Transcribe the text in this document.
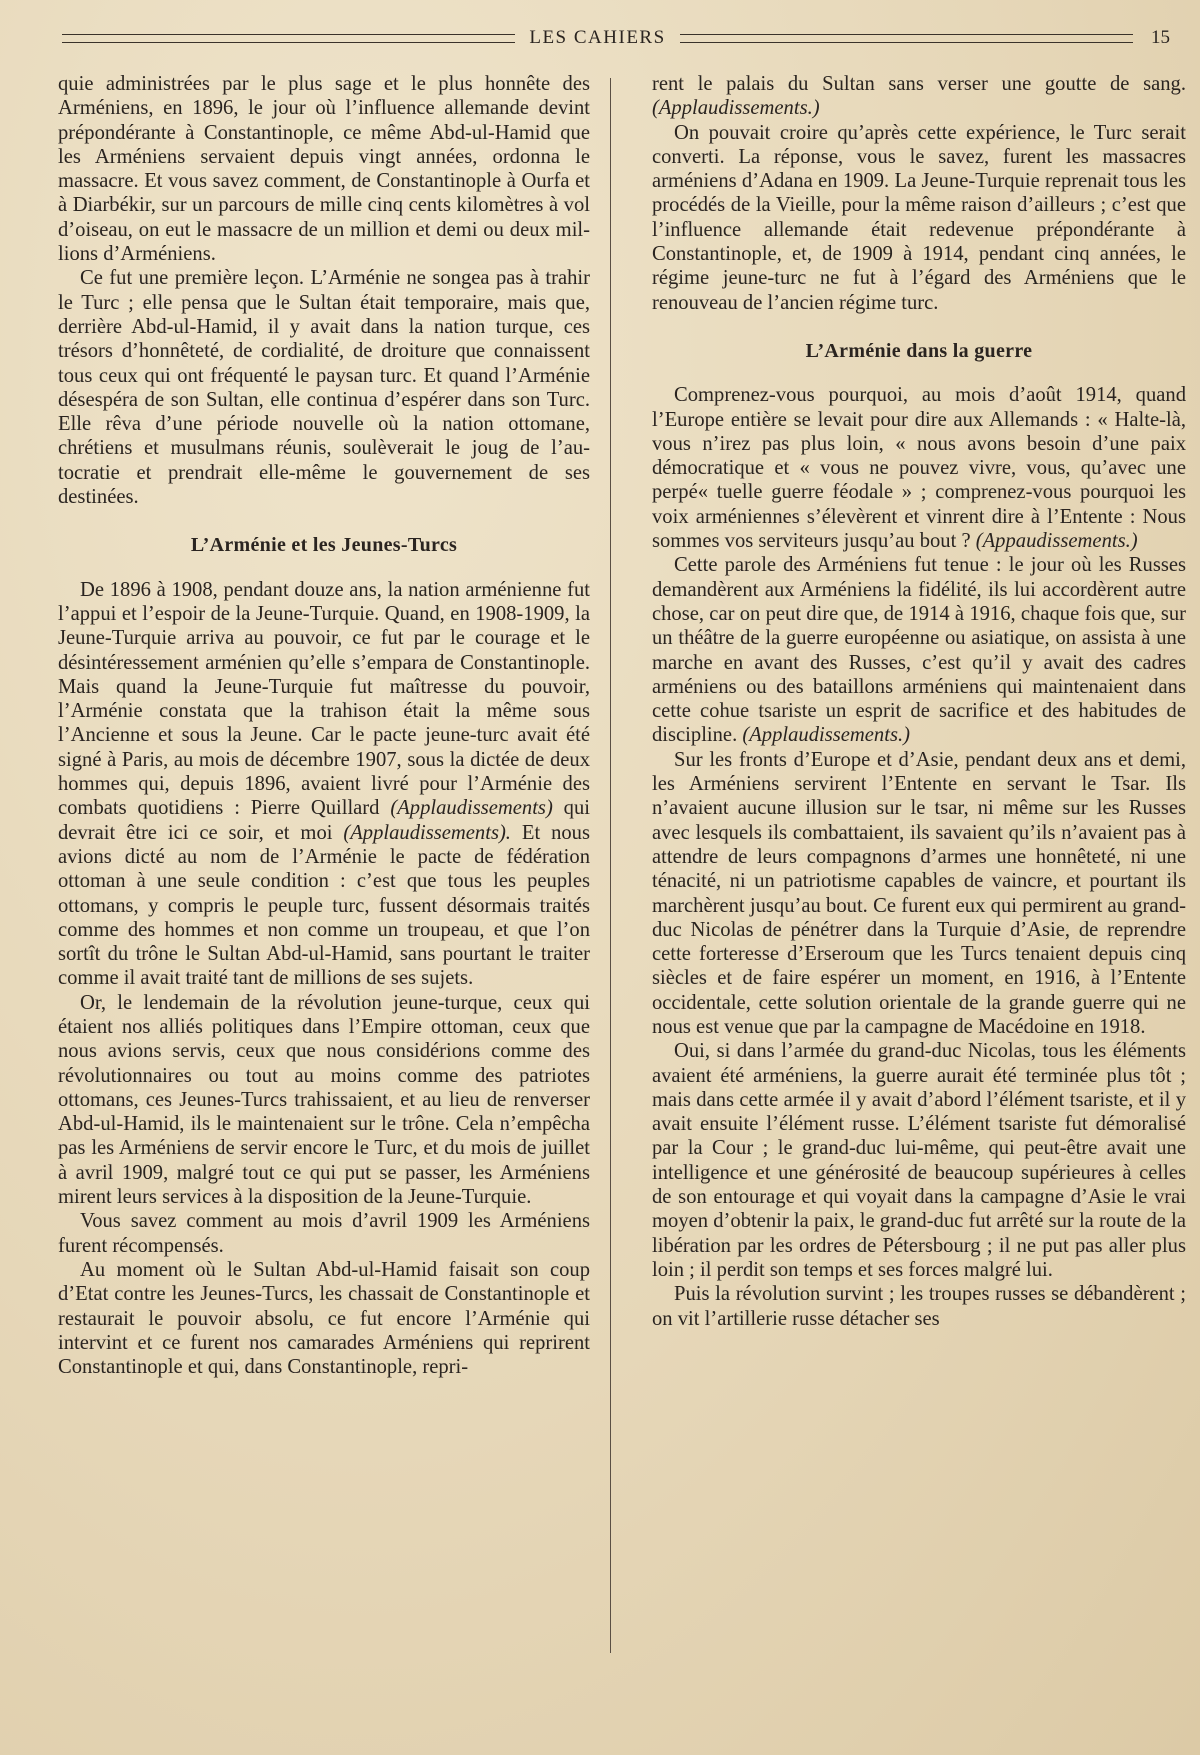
LES CAHIERS	15

quie administrées par le plus sage et le plus honnête des Arméniens, en 1896, le jour où l’influence allemande devint prépondérante à Constantinople, ce même Abd-ul-Hamid que les Arméniens servaient depuis vingt années, ordonna le massacre. Et vous savez comment, de Constantinople à Ourfa et à Diarbékir, sur un parcours de mille cinq cents kilomètres à vol d’oiseau, on eut le massacre de un million et demi ou deux millions d’Arméniens.

Ce fut une première leçon. L’Arménie ne songea pas à trahir le Turc ; elle pensa que le Sultan était temporaire, mais que, derrière Abd-ul-Hamid, il y avait dans la nation turque, ces trésors d’honnêteté, de cordialité, de droiture que connaissent tous ceux qui ont fréquenté le paysan turc. Et quand l’Arménie désespéra de son Sultan, elle continua d’espérer dans son Turc. Elle rêva d’une période nouvelle où la nation ottomane, chrétiens et musulmans réunis, soulèverait le joug de l’autocratie et prendrait elle-même le gouvernement de ses destinées.

L’Arménie et les Jeunes-Turcs

De 1896 à 1908, pendant douze ans, la nation arménienne fut l’appui et l’espoir de la Jeune-Turquie. Quand, en 1908-1909, la Jeune-Turquie arriva au pouvoir, ce fut par le courage et le désintéressement arménien qu’elle s’empara de Constantinople. Mais quand la Jeune-Turquie fut maîtresse du pouvoir, l’Arménie constata que la trahison était la même sous l’Ancienne et sous la Jeune. Car le pacte jeune-turc avait été signé à Paris, au mois de décembre 1907, sous la dictée de deux hommes qui, depuis 1896, avaient livré pour l’Arménie des combats quotidiens : Pierre Quillard (Applaudissements) qui devrait être ici ce soir, et moi (Applaudissements). Et nous avions dicté au nom de l’Arménie le pacte de fédération ottoman à une seule condition : c’est que tous les peuples ottomans, y compris le peuple turc, fussent désormais traités comme des hommes et non comme un troupeau, et que l’on sortît du trône le Sultan Abd-ul-Hamid, sans pourtant le traiter comme il avait traité tant de millions de ses sujets.

Or, le lendemain de la révolution jeune-turque, ceux qui étaient nos alliés politiques dans l’Empire ottoman, ceux que nous avions servis, ceux que nous considérions comme des révolutionnaires ou tout au moins comme des patriotes ottomans, ces Jeunes-Turcs trahissaient, et au lieu de renverser Abd-ul-Hamid, ils le maintenaient sur le trône. Cela n’empêcha pas les Arméniens de servir encore le Turc, et du mois de juillet à avril 1909, malgré tout ce qui put se passer, les Arméniens mirent leurs services à la disposition de la Jeune-Turquie.

Vous savez comment au mois d’avril 1909 les Arméniens furent récompensés.

Au moment où le Sultan Abd-ul-Hamid faisait son coup d’Etat contre les Jeunes-Turcs, les chassait de Constantinople et restaurait le pouvoir absolu, ce fut encore l’Arménie qui intervint et ce furent nos camarades Arméniens qui reprirent Constantinople et qui, dans Constantinople, repri-

rent le palais du Sultan sans verser une goutte de sang. (Applaudissements.)

On pouvait croire qu’après cette expérience, le Turc serait converti. La réponse, vous le savez, furent les massacres arméniens d’Adana en 1909. La Jeune-Turquie reprenait tous les procédés de la Vieille, pour la même raison d’ailleurs ; c’est que l’influence allemande était redevenue prépondérante à Constantinople, et, de 1909 à 1914, pendant cinq années, le régime jeune-turc ne fut à l’égard des Arméniens que le renouveau de l’ancien régime turc.

L’Arménie dans la guerre

Comprenez-vous pourquoi, au mois d’août 1914, quand l’Europe entière se levait pour dire aux Allemands : « Halte-là, vous n’irez pas plus loin, « nous avons besoin d’une paix démocratique et « vous ne pouvez vivre, vous, qu’avec une perpé« tuelle guerre féodale » ; comprenez-vous pourquoi les voix arméniennes s’élevèrent et vinrent dire à l’Entente : Nous sommes vos serviteurs jusqu’au bout ? (Appaudissements.)

Cette parole des Arméniens fut tenue : le jour où les Russes demandèrent aux Arméniens la fidélité, ils lui accordèrent autre chose, car on peut dire que, de 1914 à 1916, chaque fois que, sur un théâtre de la guerre européenne ou asiatique, on assista à une marche en avant des Russes, c’est qu’il y avait des cadres arméniens ou des bataillons arméniens qui maintenaient dans cette cohue tsariste un esprit de sacrifice et des habitudes de discipline. (Applaudissements.)

Sur les fronts d’Europe et d’Asie, pendant deux ans et demi, les Arméniens servirent l’Entente en servant le Tsar. Ils n’avaient aucune illusion sur le tsar, ni même sur les Russes avec lesquels ils combattaient, ils savaient qu’ils n’avaient pas à attendre de leurs compagnons d’armes une honnêteté, ni une ténacité, ni un patriotisme capables de vaincre, et pourtant ils marchèrent jusqu’au bout. Ce furent eux qui permirent au grand-duc Nicolas de pénétrer dans la Turquie d’Asie, de reprendre cette forteresse d’Erseroum que les Turcs tenaient depuis cinq siècles et de faire espérer un moment, en 1916, à l’Entente occidentale, cette solution orientale de la grande guerre qui ne nous est venue que par la campagne de Macédoine en 1918.

Oui, si dans l’armée du grand-duc Nicolas, tous les éléments avaient été arméniens, la guerre aurait été terminée plus tôt ; mais dans cette armée il y avait d’abord l’élément tsariste, et il y avait ensuite l’élément russe. L’élément tsariste fut démoralisé par la Cour ; le grand-duc lui-même, qui peut-être avait une intelligence et une générosité de beaucoup supérieures à celles de son entourage et qui voyait dans la campagne d’Asie le vrai moyen d’obtenir la paix, le grand-duc fut arrêté sur la route de la libération par les ordres de Pétersbourg ; il ne put pas aller plus loin ; il perdit son temps et ses forces malgré lui.

Puis la révolution survint ; les troupes russes se débandèrent ; on vit l’artillerie russe détacher ses
